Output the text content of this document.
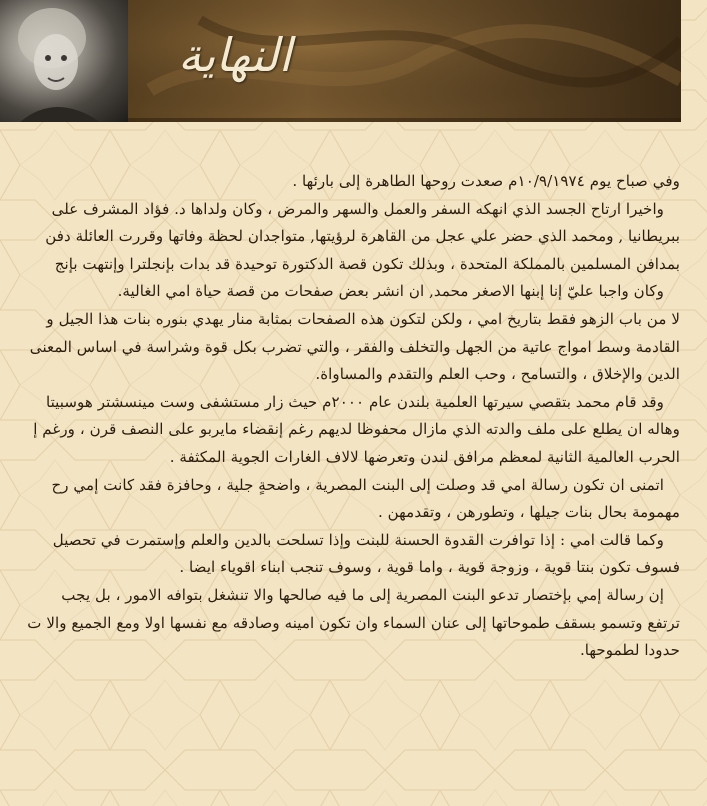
النهاية
وفي صباح يوم ١٠/٩/١٩٧٤م صعدت روحها الطاهرة إلى بارئها .
واخيرا ارتاح الجسد الذي انهكه السفر والعمل والسهر والمرض ، وكان ولداها د. فؤاد المشرف على
ببريطانيا , ومحمد الذي حضر علي عجل من القاهرة لرؤيتها, متواجدان لحظة وفاتها وقررت العائلة دفن
بمدافن المسلمين بالمملكة المتحدة ، وبذلك تكون قصة الدكتورة توحيدة قد بدات بإنجلترا وإنتهت بإنج
وكان واجبا عليّ إنا إبنها الاصغر محمد, ان انشر بعض صفحات من قصة حياة امي الغالية.
لا من باب الزهو فقط بتاريخ امي ، ولكن لتكون هذه الصفحات بمثابة منار يهدي بنوره بنات هذا الجيل و
القادمة وسط امواج عاتية من الجهل والتخلف والفقر ، والتي تضرب بكل قوة وشراسة في اساس المعنى
الدين والإخلاق ، والتسامح ، وحب العلم والتقدم والمساواة.
وقد قام محمد بتقصي سيرتها العلمية بلندن عام ٢٠٠٠م حيث زار مستشفى وست مينسشتر هوسبيتا
وهاله ان يطلع على ملف والدته الذي مازال محفوظا لديهم رغم إنقضاء مايربو على النصف قرن ، ورغم إ
الحرب العالمية الثانية لمعظم مرافق لندن وتعرضها لالاف الغارات الجوية المكثفة .
اتمنى ان تكون رسالة امي قد وصلت إلى البنت المصرية ، واضحةٍ جلية ، وحافزة فقد كانت إمي رح
مهمومة بحال بنات جيلها ، وتطورهن ، وتقدمهن .
وكما قالت امي : إذا توافرت القدوة الحسنة للبنت وإذا تسلحت بالدين والعلم وإستمرت في تحصيل
فسوف تكون بنتا قوية ، وزوجة قوية ، واما قوية ، وسوف تنجب ابناء اقوياء ايضا .
إن رسالة إمي بإختصار تدعو البنت المصرية إلى ما فيه صالحها والا تنشغل بتوافه الامور ، بل يجب
ترتفع وتسمو بسقف طموحاتها إلى عنان السماء وان تكون امينه وصادقه مع نفسها اولا ومع الجميع والا ت
حدودا لطموحها.
